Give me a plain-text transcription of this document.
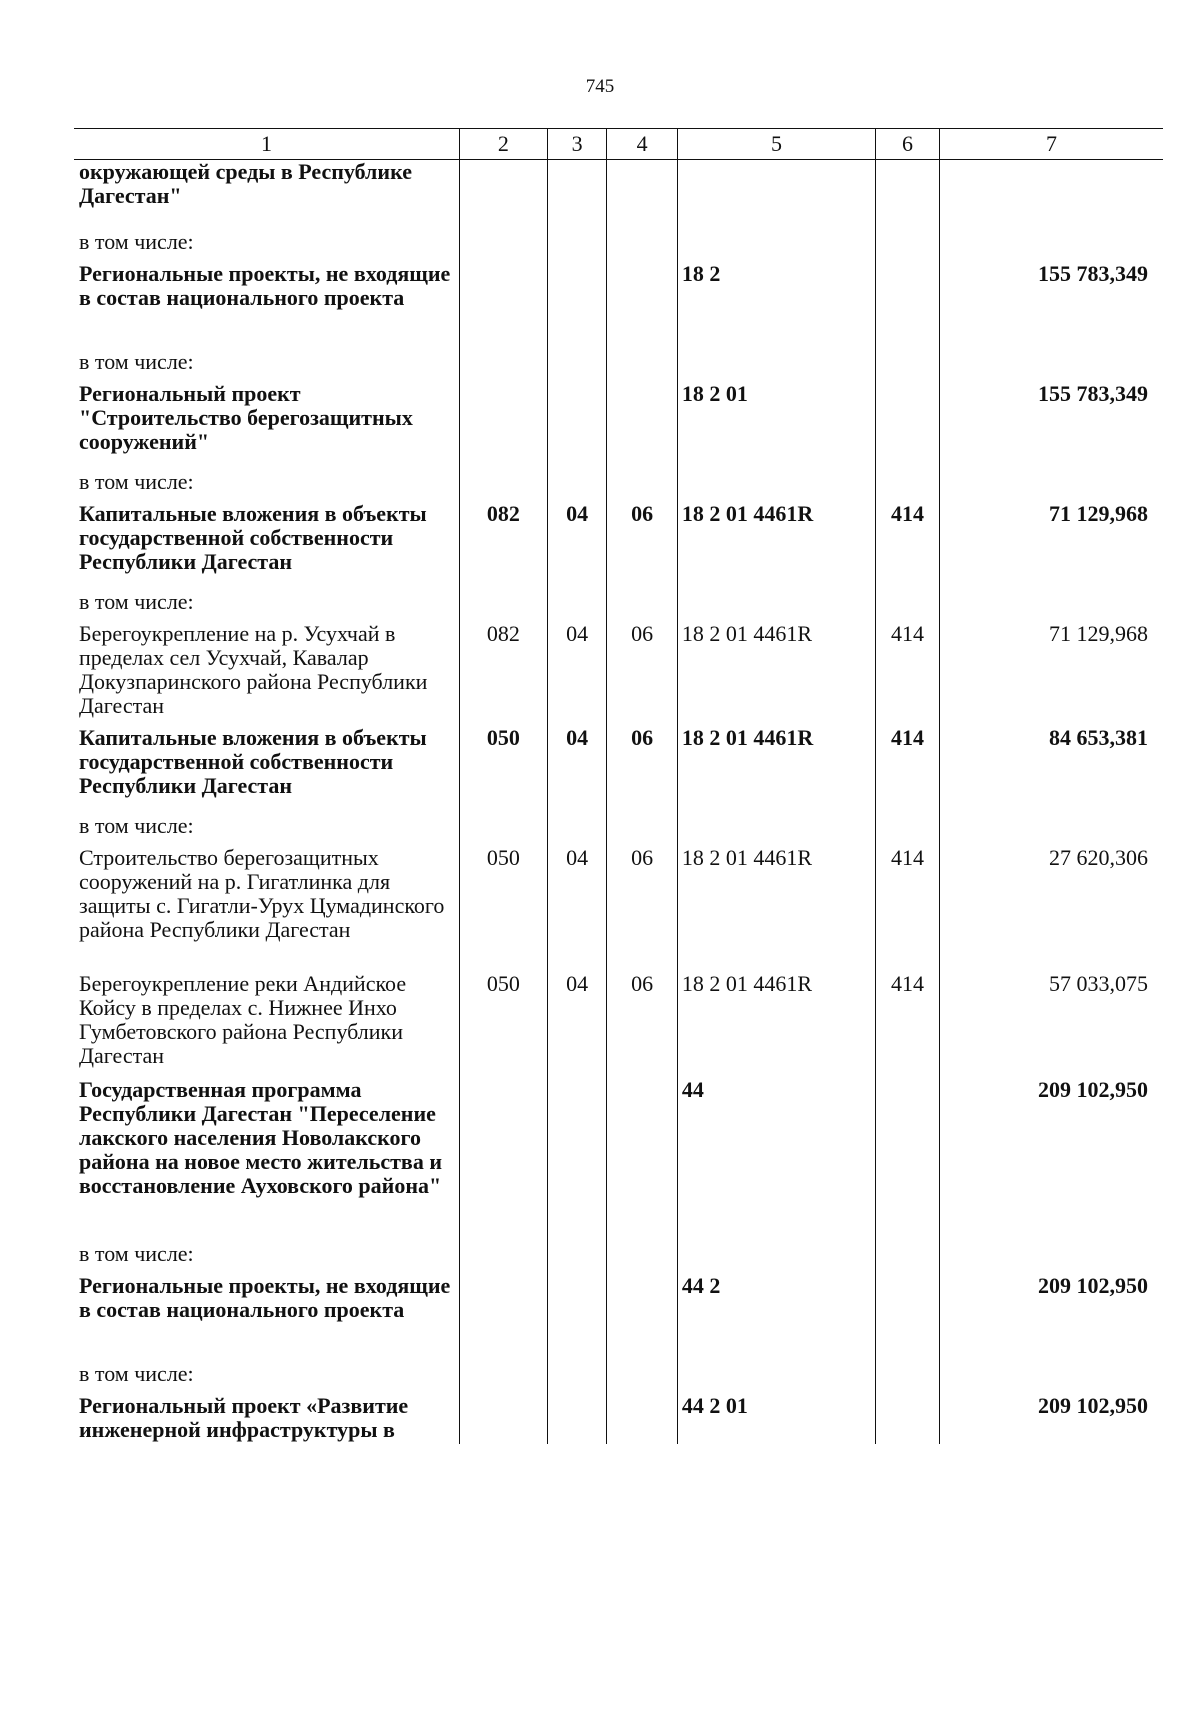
745
1	2	3	4	5	6	7
окружающей среды в Республике Дагестан"						
в том числе:						
Региональные проекты, не входящие в состав национального проекта				18 2		155 783,349
в том числе:						
Региональный проект "Строительство берегозащитных сооружений"				18 2 01		155 783,349
в том числе:						
Капитальные вложения в объекты государственной собственности Республики Дагестан	082	04	06	18 2 01 4461R	414	71 129,968
в том числе:						
Берегоукрепление на р. Усухчай в пределах сел Усухчай, Кавалар Докузпаринского района Республики Дагестан	082	04	06	18 2 01 4461R	414	71 129,968
Капитальные вложения в объекты государственной собственности Республики Дагестан	050	04	06	18 2 01 4461R	414	84 653,381
в том числе:						
Строительство берегозащитных сооружений на р. Гигатлинка для защиты с. Гигатли-Урух Цумадинского района Республики Дагестан	050	04	06	18 2 01 4461R	414	27 620,306
Берегоукрепление реки Андийское Койсу в пределах с. Нижнее Инхо Гумбетовского района Республики Дагестан	050	04	06	18 2 01 4461R	414	57 033,075
Государственная программа Республики Дагестан "Переселение лакского населения Новолакского района на новое место жительства и восстановление Ауховского района"				44		209 102,950
в том числе:						
Региональные проекты, не входящие в состав национального проекта				44 2		209 102,950
в том числе:						
Региональный проект «Развитие инженерной инфраструктуры в				44 2 01		209 102,950
